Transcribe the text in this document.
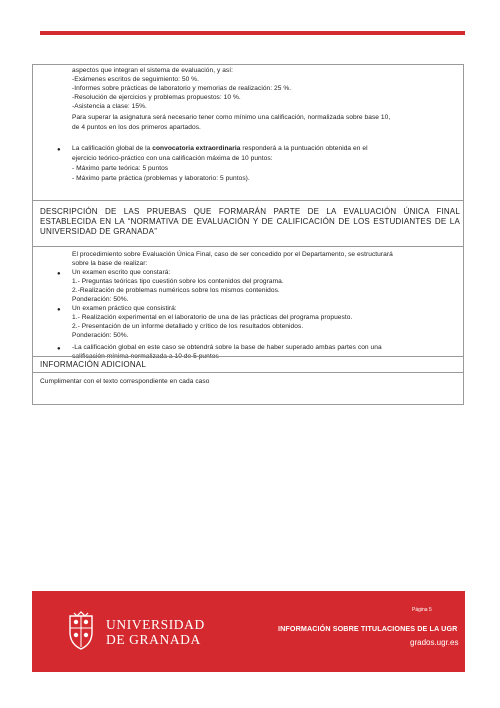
aspectos que integran el sistema de evaluación, y así:
-Exámenes escritos de seguimiento: 50 %.
-Informes sobre prácticas de laboratorio y memorias de realización: 25 %.
-Resolución de ejercicios y problemas propuestos: 10 %.
-Asistencia a clase: 15%.
Para superar la asignatura será necesario tener como mínimo una calificación, normalizada sobre base 10,
de 4 puntos en los dos primeros apartados.
● La calificación global de la convocatoria extraordinaria responderá a la puntuación obtenida en el
ejercicio teórico-práctico con una calificación máxima de 10 puntos:
- Máximo parte teórica: 5 puntos
- Máximo parte práctica (problemas y laboratorio: 5 puntos).
DESCRIPCIÓN DE LAS PRUEBAS QUE FORMARÁN PARTE DE LA EVALUACIÓN ÚNICA FINAL
ESTABLECIDA EN LA “NORMATIVA DE EVALUACIÓN Y DE CALIFICACIÓN DE LOS ESTUDIANTES DE LA
UNIVERSIDAD DE GRANADA”
El procedimiento sobre Evaluación Única Final, caso de ser concedido por el Departamento, se estructurará
sobre la base de realizar:
● Un examen escrito que constará:
1.- Preguntas teóricas tipo cuestión sobre los contenidos del programa.
2.-Realización de problemas numéricos sobre los mismos contenidos.
Ponderación: 50%.
● Un examen práctico que consistirá:
1.- Realización experimental en el laboratorio de una de las prácticas del programa propuesto.
2.- Presentación de un informe detallado y crítico de los resultados obtenidos.
Ponderación: 50%.
● -La calificación global en este caso se obtendrá sobre la base de haber superado ambas partes con una
calificación mínima normalizada a 10 de 5 puntos
INFORMACIÓN ADICIONAL
Cumplimentar con el texto correspondiente en cada caso
UNIVERSIDAD
DE GRANADA
Página 5
INFORMACIÓN SOBRE TITULACIONES DE LA UGR
grados.ugr.es
